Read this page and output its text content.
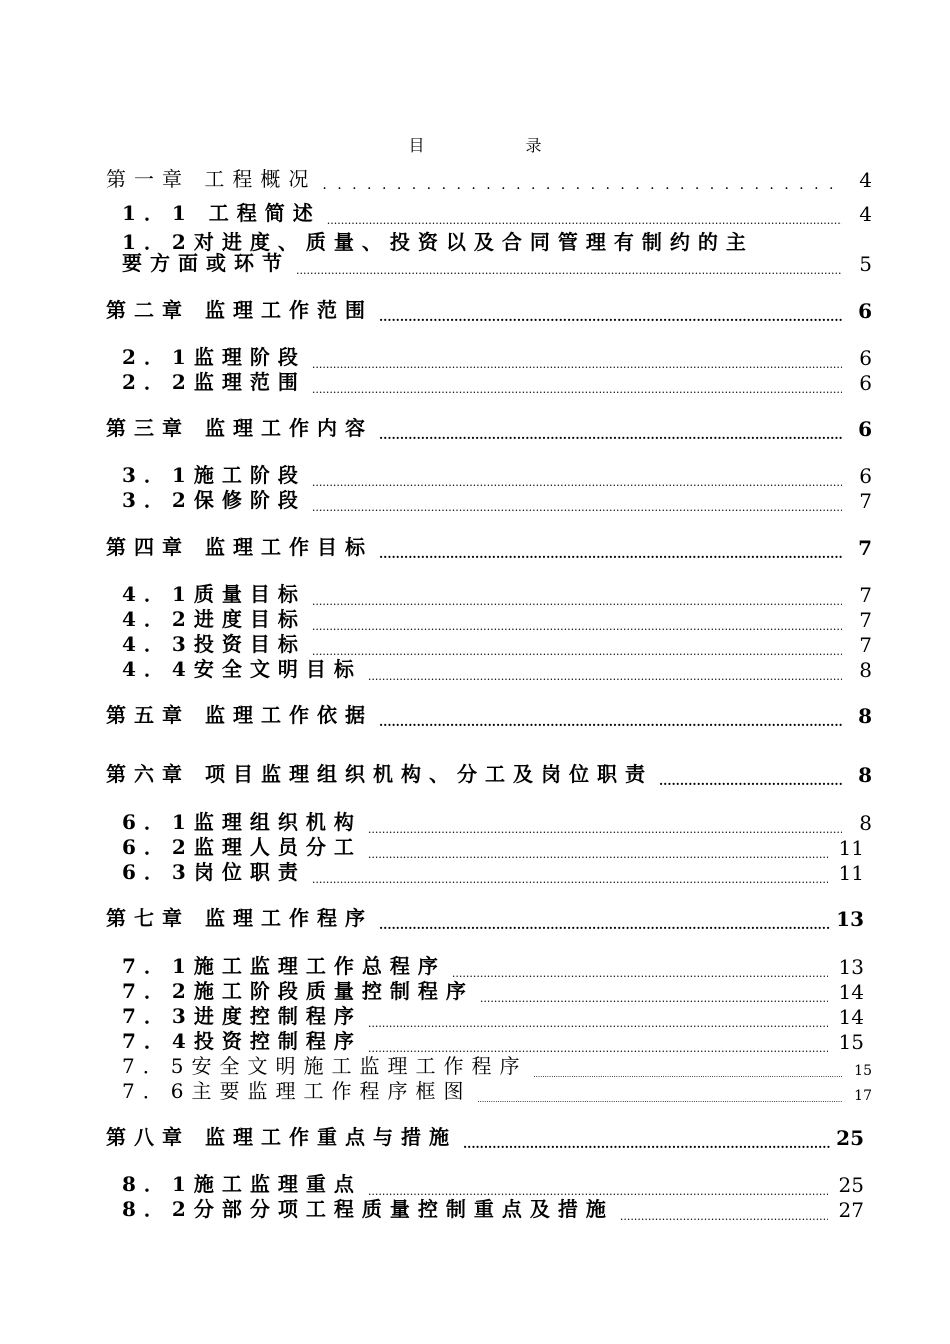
目 录
第一章 工程概况 . . .	4
1．1 工程简述 .....	4
1．2对进度、质量、投资以及合同管理有制约的主
要方面或环节 .....	5
第二章 监理工作范围 .....	6
2．1监理阶段 .....	6
2．2监理范围 .....	6
第三章 监理工作内容 .....	6
3．1施工阶段 .....	6
3．2保修阶段 .....	7
第四章 监理工作目标 .....	7
4．1质量目标 .....	7
4．2进度目标 .....	7
4．3投资目标 .....	7
4．4安全文明目标 .....	8
第五章 监理工作依据 .....	8
第六章 项目监理组织机构、分工及岗位职责 .....	8
6．1监理组织机构 .....	8
6．2监理人员分工 .....	11
6．3岗位职责 .....	11
第七章 监理工作程序 .....	13
7．1施工监理工作总程序 .....	13
7．2施工阶段质量控制程序 .....	14
7．3进度控制程序 .....	14
7．4投资控制程序 .....	15
7．5安全文明施工监理工作程序 .....	15
7．6主要监理工作程序框图 .....	17
第八章 监理工作重点与措施 .....	25
8．1施工监理重点 .....	25
8．2分部分项工程质量控制重点及措施 .....	27
